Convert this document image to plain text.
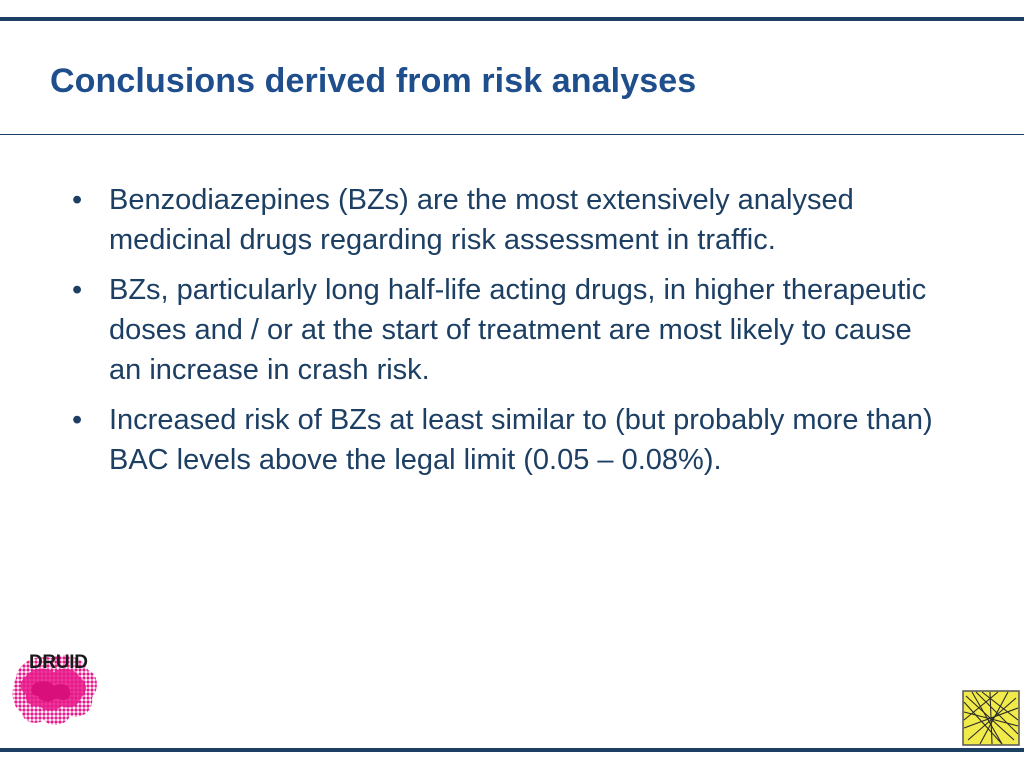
Conclusions derived from risk analyses
• Benzodiazepines (BZs) are the most extensively analysed medicinal drugs regarding risk assessment in traffic.
• BZs, particularly long half-life acting drugs, in higher therapeutic doses and / or at the start of treatment are most likely to cause an increase in crash risk.
• Increased risk of BZs at least similar to (but probably more than) BAC levels above the legal limit (0.05 – 0.08%).
DRUID
